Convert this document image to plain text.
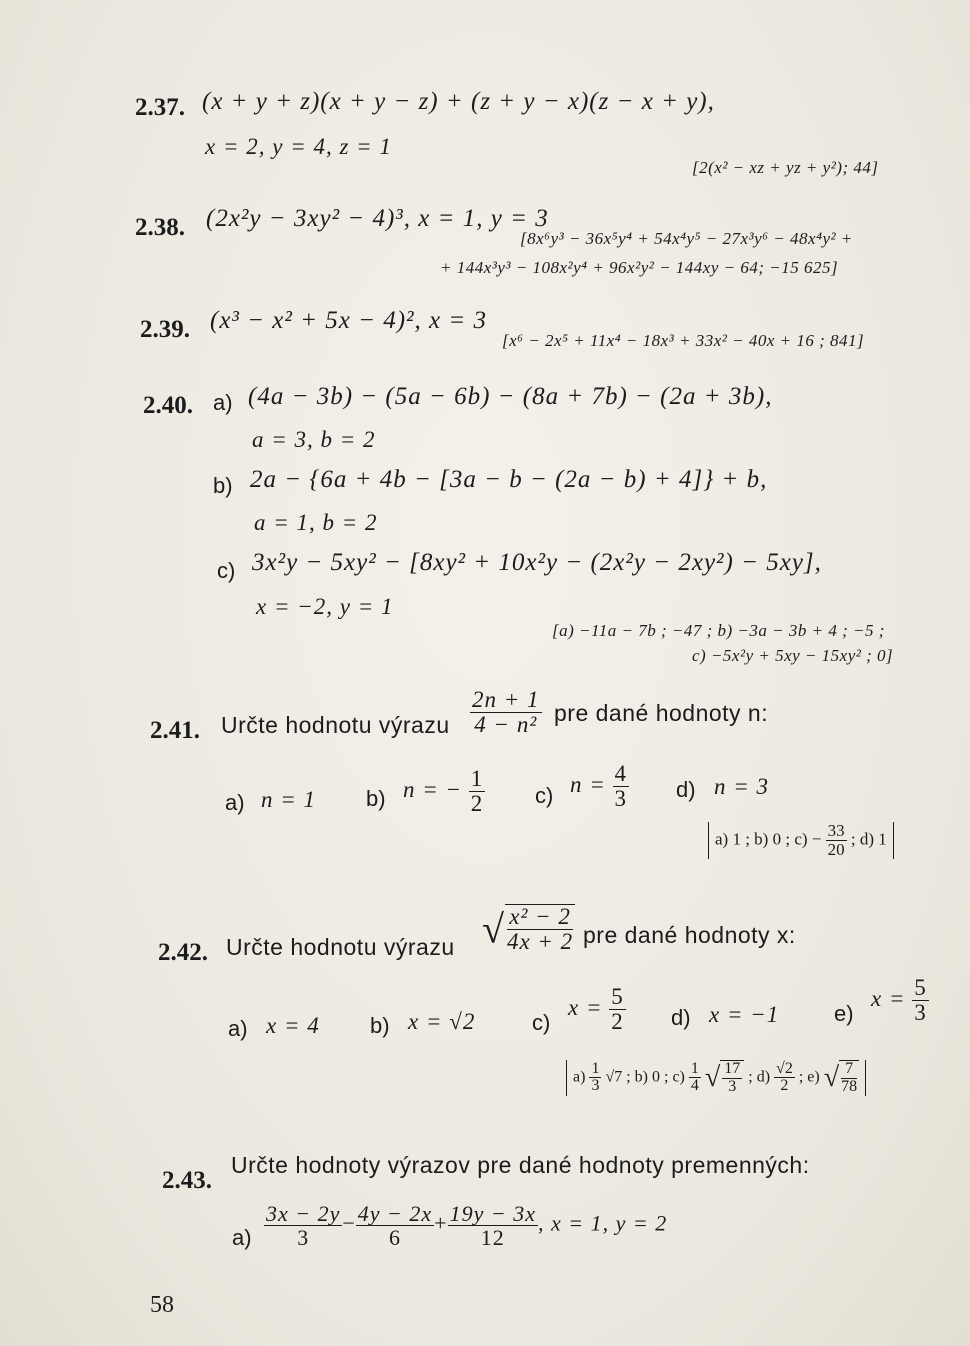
2.37. (x + y + z)(x + y − z) + (z + y − x)(z − x + y),
x = 2, y = 4, z = 1
[2(x² − xz + yz + y²); 44]
2.38. (2x²y − 3xy² − 4)³, x = 1, y = 3
[8x⁶y³ − 36x⁵y⁴ + 54x⁴y⁵ − 27x³y⁶ − 48x⁴y² +
+ 144x³y³ − 108x²y⁴ + 96x²y² − 144xy − 64; −15 625]
2.39. (x³ − x² + 5x − 4)², x = 3
[x⁶ − 2x⁵ + 11x⁴ − 18x³ + 33x² − 40x + 16 ; 841]
2.40. a) (4a − 3b) − (5a − 6b) − (8a + 7b) − (2a + 3b),
a = 3, b = 2
b) 2a − {6a + 4b − [3a − b − (2a − b) + 4]} + b,
a = 1, b = 2
c) 3x²y − 5xy² − [8xy² + 10x²y − (2x²y − 2xy²) − 5xy],
x = −2, y = 1
[a) −11a − 7b ; −47 ; b) −3a − 3b + 4 ; −5 ;
c) −5x²y + 5xy − 15xy² ; 0]
2.41. Určte hodnotu výrazu $\frac{2n + 1}{\text{4 − n²}}$ pre dané hodnoty n:
a) n = 1 b) n = − $\frac{1}{2} c$) $n = \frac{4}{3} d$) n = 3
a) 1 ; b) 0 ; $c) - \frac{33}{20}$ ; d) 1
2.42. Určte hodnotu výrazu √ $\frac{\text{x² − 2}}{4x + 2}$ pre dané hodnoty x:
a) x = 4 b) x = √2	c)
$x = \frac{5}{2} d$) x = −1 e)
$x = \frac{5}{3}$
$a) \frac{1}{3} √7$ ; b) 0 ; $c) \frac{1}{4}$ √ $\frac{17}{3}$ ; $d) \frac{√2}{2}$ ; e) √ $\frac{7}{78}$
2.43.
Určte hodnoty výrazov pre dané hodnoty premenných:
$a) \frac{3x - 2y}{3} - \frac{4y - 2x}{6} + \frac{19y - 3x}{12}$ , x = 1, y = 2
58
